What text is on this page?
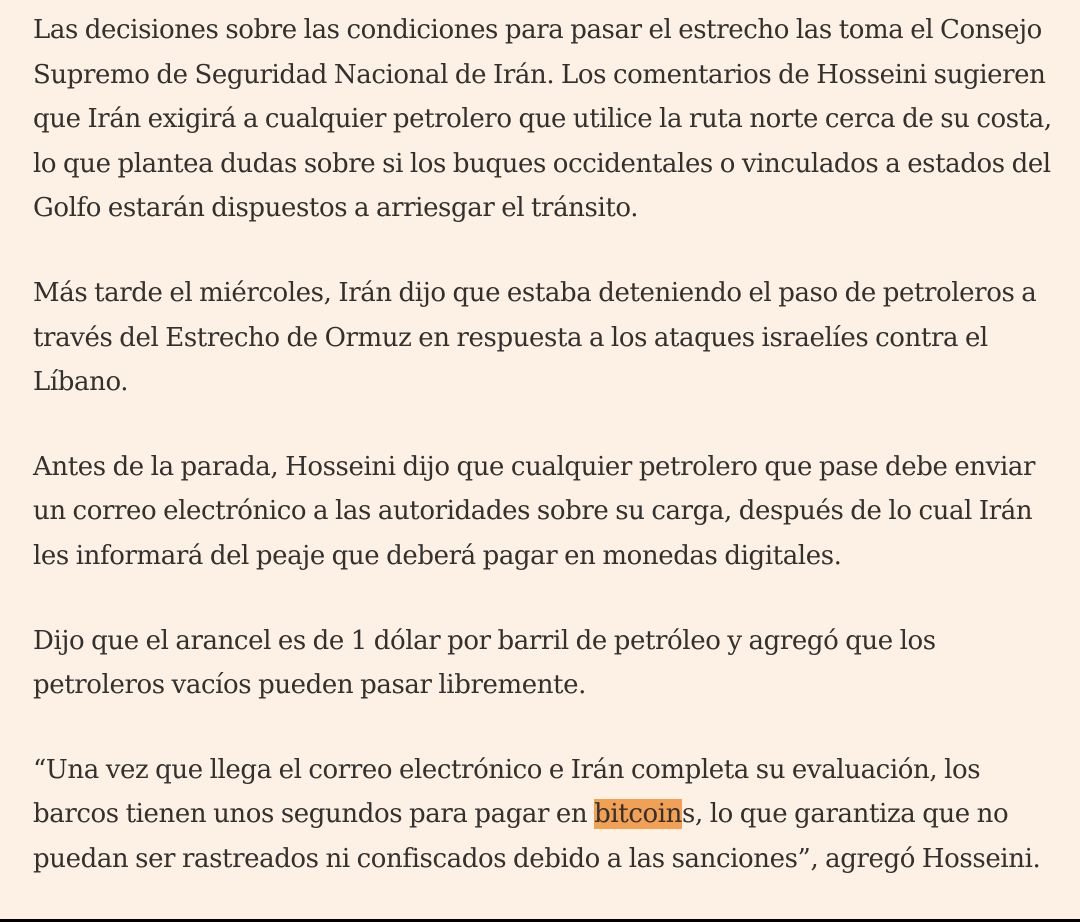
Las decisiones sobre las condiciones para pasar el estrecho las toma el Consejo
Supremo de Seguridad Nacional de Irán. Los comentarios de Hosseini sugieren
que Irán exigirá a cualquier petrolero que utilice la ruta norte cerca de su costa,
lo que plantea dudas sobre si los buques occidentales o vinculados a estados del
Golfo estarán dispuestos a arriesgar el tránsito.

Más tarde el miércoles, Irán dijo que estaba deteniendo el paso de petroleros a
través del Estrecho de Ormuz en respuesta a los ataques israelíes contra el
Líbano.

Antes de la parada, Hosseini dijo que cualquier petrolero que pase debe enviar
un correo electrónico a las autoridades sobre su carga, después de lo cual Irán
les informará del peaje que deberá pagar en monedas digitales.

Dijo que el arancel es de 1 dólar por barril de petróleo y agregó que los
petroleros vacíos pueden pasar libremente.

“Una vez que llega el correo electrónico e Irán completa su evaluación, los
barcos tienen unos segundos para pagar en bitcoins, lo que garantiza que no
puedan ser rastreados ni confiscados debido a las sanciones”, agregó Hosseini.
